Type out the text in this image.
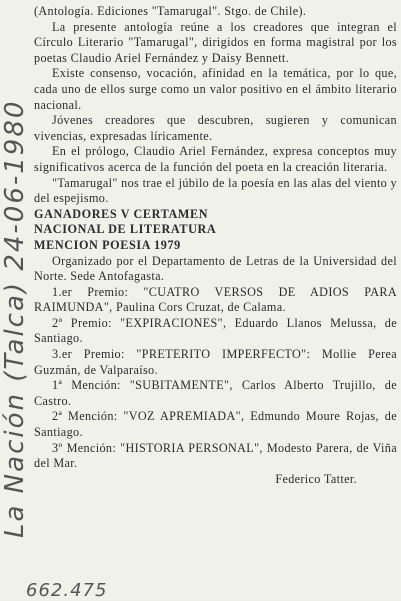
La Nación (Talca) 24-06-1980

(Antología. Ediciones "Tamarugal". Stgo. de Chile).

La presente antología reúne a los creadores que integran el Círculo Literario "Tamarugal", dirigidos en forma magistral por los poetas Claudio Ariel Fernández y Daisy Bennett.

Existe consenso, vocación, afinidad en la temática, por lo que, cada uno de ellos surge como un valor positivo en el ámbito literario nacional.

Jóvenes creadores que descubren, sugieren y comunican vivencias, expresadas líricamente.

En el prólogo, Claudio Ariel Fernández, expresa conceptos muy significativos acerca de la función del poeta en la creación literaria.

"Tamarugal" nos trae el júbilo de la poesía en las alas del viento y del espejismo.

GANADORES V CERTAMEN

NACIONAL DE LITERATURA

MENCION POESIA 1979

Organizado por el Departamento de Letras de la Universidad del Norte. Sede Antofagasta.

1.er Premio: "CUATRO VERSOS DE ADIOS PARA RAIMUNDA", Paulina Cors Cruzat, de Calama.

2º Premio: "EXPIRACIONES", Eduardo Llanos Melussa, de Santiago.

3.er Premio: "PRETERITO IMPERFECTO": Mollie Perea Guzmán, de Valparaíso.

1ª Mención: "SUBITAMENTE", Carlos Alberto Trujillo, de Castro.

2ª Mención: "VOZ APREMIADA", Edmundo Moure Rojas, de Santiago.

3º Mención: "HISTORIA PERSONAL", Modesto Parera, de Viña del Mar.

Federico Tatter.

662.475
